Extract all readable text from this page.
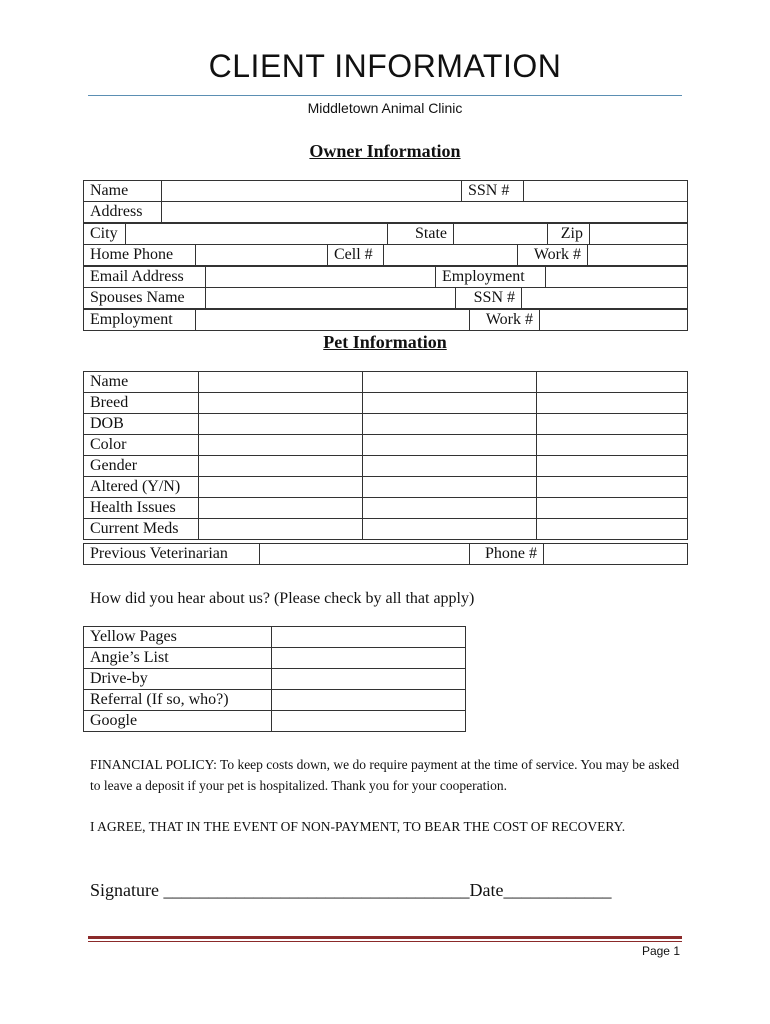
CLIENT INFORMATION
Middletown Animal Clinic
Owner Information
Name		SSN #	
Address	
City		State		Zip	
Home Phone		Cell #		Work #	
Email Address		Employment	
Spouses Name		SSN #	
Employment		Work #	
Pet Information
Name			
Breed			
DOB			
Color			
Gender			
Altered (Y/N)			
Health Issues			
Current Meds			
Previous Veterinarian		Phone #	
How did you hear about us? (Please check by all that apply)
Yellow Pages	
Angie’s List	
Drive-by	
Referral (If so, who?)	
Google	
FINANCIAL POLICY: To keep costs down, we do require payment at the time of service. You may be asked to leave a deposit if your pet is hospitalized. Thank you for your cooperation.
I AGREE, THAT IN THE EVENT OF NON-PAYMENT, TO BEAR THE COST OF RECOVERY.
Signature __________________________________Date____________
Page 1
